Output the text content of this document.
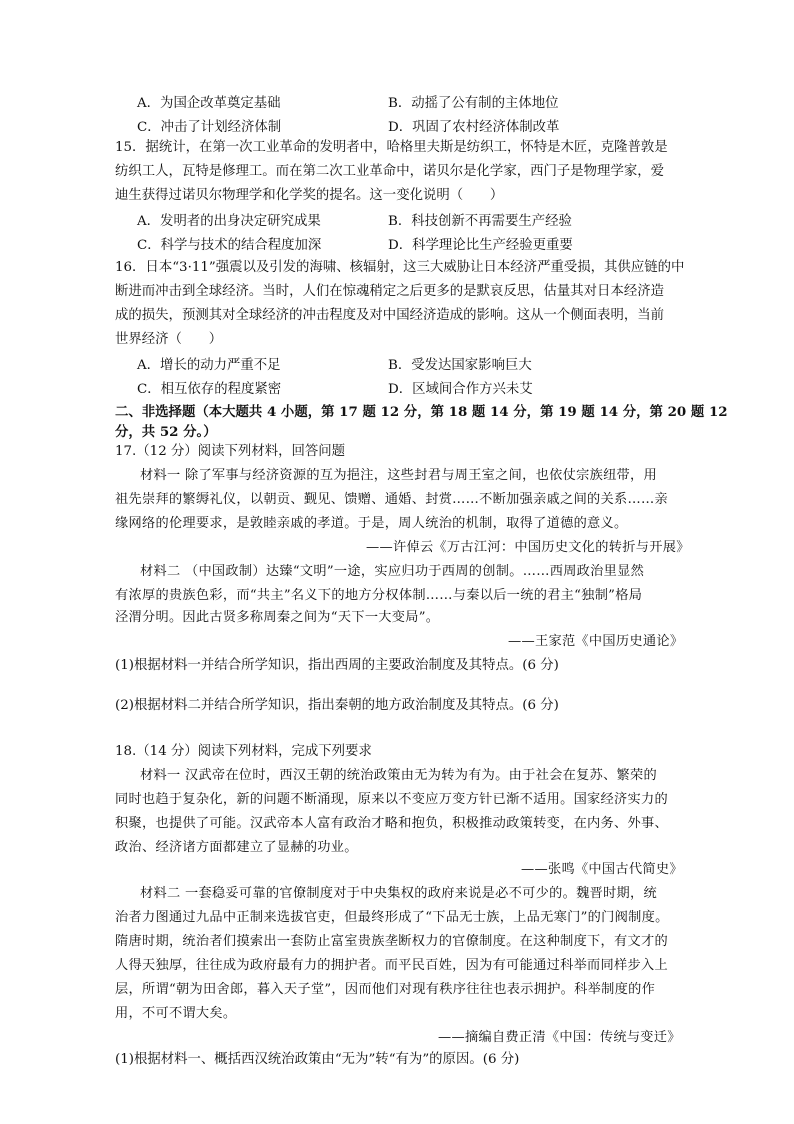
A．为国企改革奠定基础	B．动摇了公有制的主体地位
C．冲击了计划经济体制	D．巩固了农村经济体制改革
15．据统计，在第一次工业革命的发明者中，哈格里夫斯是纺织工，怀特是木匠，克隆普敦是
纺织工人，瓦特是修理工。而在第二次工业革命中，诺贝尔是化学家，西门子是物理学家，爱
迪生获得过诺贝尔物理学和化学奖的提名。这一变化说明（　　）
A．发明者的出身决定研究成果	B．科技创新不再需要生产经验
C．科学与技术的结合程度加深	D．科学理论比生产经验更重要
16．日本“3·11”强震以及引发的海啸、核辐射，这三大威胁让日本经济严重受损，其供应链的中
断进而冲击到全球经济。当时，人们在惊魂稍定之后更多的是默哀反思，估量其对日本经济造
成的损失，预测其对全球经济的冲击程度及对中国经济造成的影响。这从一个侧面表明，当前
世界经济（　　）
A．增长的动力严重不足	B．受发达国家影响巨大
C．相互依存的程度紧密	D．区域间合作方兴未艾
二、非选择题（本大题共 4 小题，第 17 题 12 分，第 18 题 14 分，第 19 题 14 分，第 20 题 12
分，共 52 分。）
17.（12 分）阅读下列材料，回答问题
材料一 除了军事与经济资源的互为挹注，这些封君与周王室之间，也依仗宗族纽带，用
祖先崇拜的繁缛礼仪，以朝贡、觐见、馈赠、通婚、封赏……不断加强亲戚之间的关系……亲
缘网络的伦理要求，是敦睦亲戚的孝道。于是，周人统治的机制，取得了道德的意义。
——许倬云《万古江河：中国历史文化的转折与开展》
材料二 （中国政制）达臻“文明”一途，实应归功于西周的创制。……西周政治里显然
有浓厚的贵族色彩，而“共主”名义下的地方分权体制……与秦以后一统的君主“独制”格局
泾渭分明。因此古贤多称周秦之间为“天下一大变局”。
——王家范《中国历史通论》
(1)根据材料一并结合所学知识，指出西周的主要政治制度及其特点。(6 分)
(2)根据材料二并结合所学知识，指出秦朝的地方政治制度及其特点。(6 分)
18.（14 分）阅读下列材料，完成下列要求
材料一 汉武帝在位时，西汉王朝的统治政策由无为转为有为。由于社会在复苏、繁荣的
同时也趋于复杂化，新的问题不断涌现，原来以不变应万变方针已渐不适用。国家经济实力的
积聚，也提供了可能。汉武帝本人富有政治才略和抱负，积极推动政策转变，在内务、外事、
政治、经济诸方面都建立了显赫的功业。
——张鸣《中国古代简史》
材料二 一套稳妥可靠的官僚制度对于中央集权的政府来说是必不可少的。魏晋时期，统
治者力图通过九品中正制来选拔官吏，但最终形成了“下品无士族，上品无寒门”的门阀制度。
隋唐时期，统治者们摸索出一套防止富室贵族垄断权力的官僚制度。在这种制度下，有文才的
人得天独厚，往往成为政府最有力的拥护者。而平民百姓，因为有可能通过科举而同样步入上
层，所谓“朝为田舍郎，暮入天子堂”，因而他们对现有秩序往往也表示拥护。科举制度的作
用，不可不谓大矣。
——摘编自费正清《中国：传统与变迁》
(1)根据材料一、概括西汉统治政策由“无为”转“有为”的原因。(6 分)
